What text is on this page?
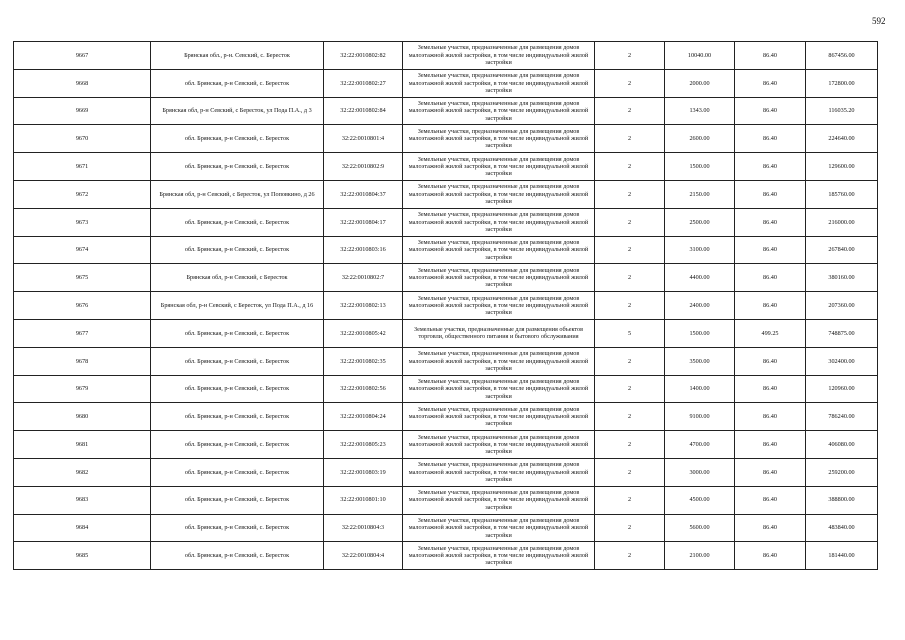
592
9667	Брянская обл., р-н. Севский, с. Береcток	32:22:0010802:82	Земельные участки, предназначенные для размещения домов малоэтажной жилой застройки, в том числе индивидуальной жилой застройки	2	10040.00	86.40	867456.00
9668	обл. Брянская, р-н Севский, с. Береcток	32:22:0010802:27	Земельные участки, предназначенные для размещения домов малоэтажной жилой застройки, в том числе индивидуальной жилой застройки	2	2000.00	86.40	172800.00
9669	Брянская обл, р-н Севский, с Береcток, ул Пода П.А., д 3	32:22:0010802:84	Земельные участки, предназначенные для размещения домов малоэтажной жилой застройки, в том числе индивидуальной жилой застройки	2	1343.00	86.40	116035.20
9670	обл. Брянская, р-н Севский, с. Береcток	32:22:0010801:4	Земельные участки, предназначенные для размещения домов малоэтажной жилой застройки, в том числе индивидуальной жилой застройки	2	2600.00	86.40	224640.00
9671	обл. Брянская, р-н Севский, с. Береcток	32:22:0010802:9	Земельные участки, предназначенные для размещения домов малоэтажной жилой застройки, в том числе индивидуальной жилой застройки	2	1500.00	86.40	129600.00
9672	Брянская обл, р-н Севский, с Береcток, ул Поповкино, д 26	32:22:0010804:37	Земельные участки, предназначенные для размещения домов малоэтажной жилой застройки, в том числе индивидуальной жилой застройки	2	2150.00	86.40	185760.00
9673	обл. Брянская, р-н Севский, с. Береcток	32:22:0010804:17	Земельные участки, предназначенные для размещения домов малоэтажной жилой застройки, в том числе индивидуальной жилой застройки	2	2500.00	86.40	216000.00
9674	обл. Брянская, р-н Севский, с. Береcток	32:22:0010803:16	Земельные участки, предназначенные для размещения домов малоэтажной жилой застройки, в том числе индивидуальной жилой застройки	2	3100.00	86.40	267840.00
9675	Брянская обл, р-н Севский, с Береcток	32:22:0010802:7	Земельные участки, предназначенные для размещения домов малоэтажной жилой застройки, в том числе индивидуальной жилой застройки	2	4400.00	86.40	380160.00
9676	Брянская обл, р-н Севский, с Береcток, ул Пода П.А., д 16	32:22:0010802:13	Земельные участки, предназначенные для размещения домов малоэтажной жилой застройки, в том числе индивидуальной жилой застройки	2	2400.00	86.40	207360.00
9677	обл. Брянская, р-н Севский, с. Береcток	32:22:0010805:42	Земельные участки, предназначенные для размещения объектов торговли, общественного питания и бытового обслуживания	5	1500.00	499.25	748875.00
9678	обл. Брянская, р-н Севский, с. Береcток	32:22:0010802:35	Земельные участки, предназначенные для размещения домов малоэтажной жилой застройки, в том числе индивидуальной жилой застройки	2	3500.00	86.40	302400.00
9679	обл. Брянская, р-н Севский, с. Береcток	32:22:0010802:56	Земельные участки, предназначенные для размещения домов малоэтажной жилой застройки, в том числе индивидуальной жилой застройки	2	1400.00	86.40	120960.00
9680	обл. Брянская, р-н Севский, с. Береcток	32:22:0010804:24	Земельные участки, предназначенные для размещения домов малоэтажной жилой застройки, в том числе индивидуальной жилой застройки	2	9100.00	86.40	786240.00
9681	обл. Брянская, р-н Севский, с. Береcток	32:22:0010805:23	Земельные участки, предназначенные для размещения домов малоэтажной жилой застройки, в том числе индивидуальной жилой застройки	2	4700.00	86.40	406080.00
9682	обл. Брянская, р-н Севский, с. Береcток	32:22:0010803:19	Земельные участки, предназначенные для размещения домов малоэтажной жилой застройки, в том числе индивидуальной жилой застройки	2	3000.00	86.40	259200.00
9683	обл. Брянская, р-н Севский, с. Береcток	32:22:0010801:10	Земельные участки, предназначенные для размещения домов малоэтажной жилой застройки, в том числе индивидуальной жилой застройки	2	4500.00	86.40	388800.00
9684	обл. Брянская, р-н Севский, с. Береcток	32:22:0010804:3	Земельные участки, предназначенные для размещения домов малоэтажной жилой застройки, в том числе индивидуальной жилой застройки	2	5600.00	86.40	483840.00
9685	обл. Брянская, р-н Севский, с. Береcток	32:22:0010804:4	Земельные участки, предназначенные для размещения домов малоэтажной жилой застройки, в том числе индивидуальной жилой застройки	2	2100.00	86.40	181440.00
